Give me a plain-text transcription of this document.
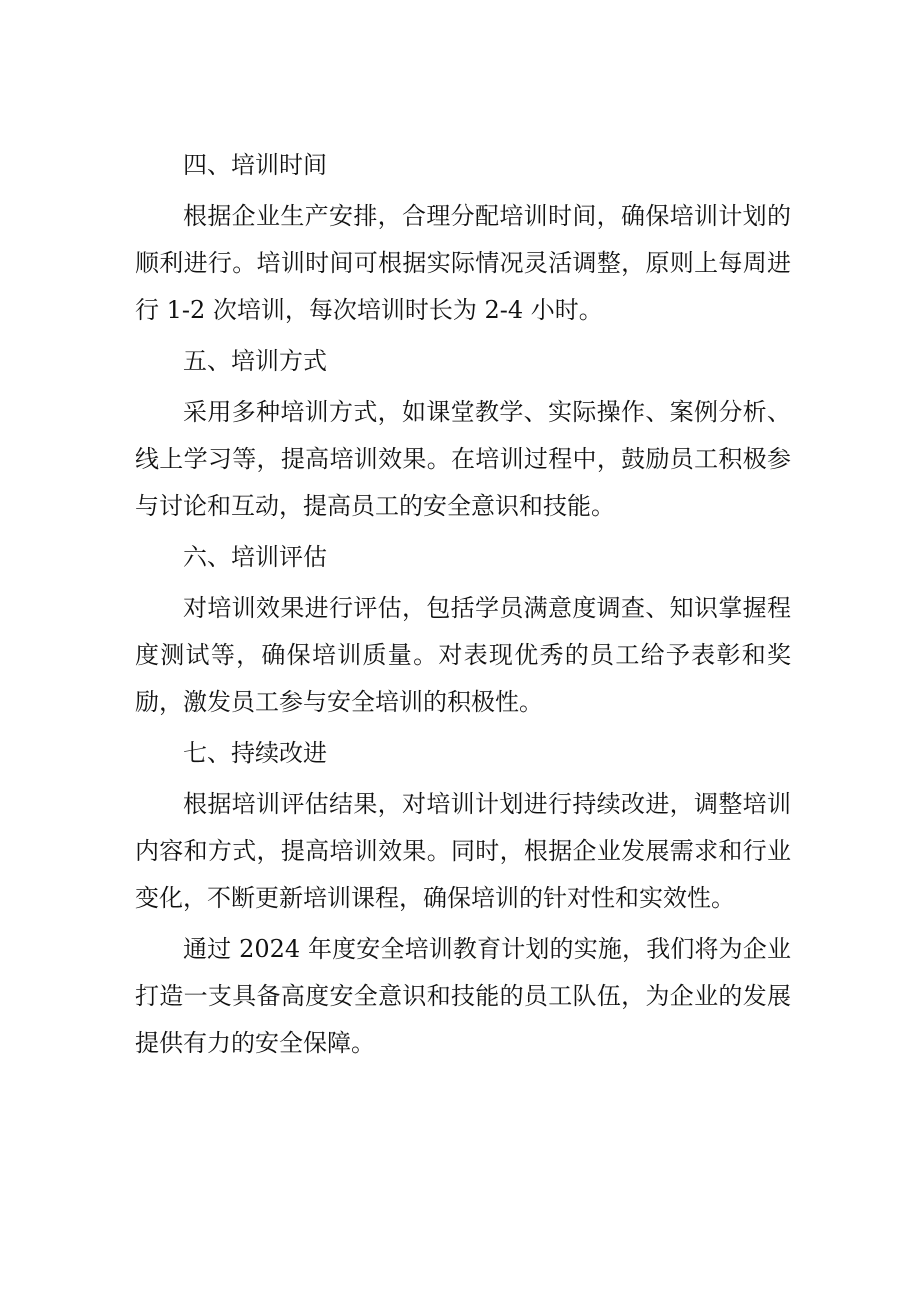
四、培训时间

根据企业生产安排，合理分配培训时间，确保培训计划的顺利进行。培训时间可根据实际情况灵活调整，原则上每周进行 1-2 次培训，每次培训时长为 2-4 小时。

五、培训方式

采用多种培训方式，如课堂教学、实际操作、案例分析、线上学习等，提高培训效果。在培训过程中，鼓励员工积极参与讨论和互动，提高员工的安全意识和技能。

六、培训评估

对培训效果进行评估，包括学员满意度调查、知识掌握程度测试等，确保培训质量。对表现优秀的员工给予表彰和奖励，激发员工参与安全培训的积极性。

七、持续改进

根据培训评估结果，对培训计划进行持续改进，调整培训内容和方式，提高培训效果。同时，根据企业发展需求和行业变化，不断更新培训课程，确保培训的针对性和实效性。

通过 2024 年度安全培训教育计划的实施，我们将为企业打造一支具备高度安全意识和技能的员工队伍，为企业的发展提供有力的安全保障。
